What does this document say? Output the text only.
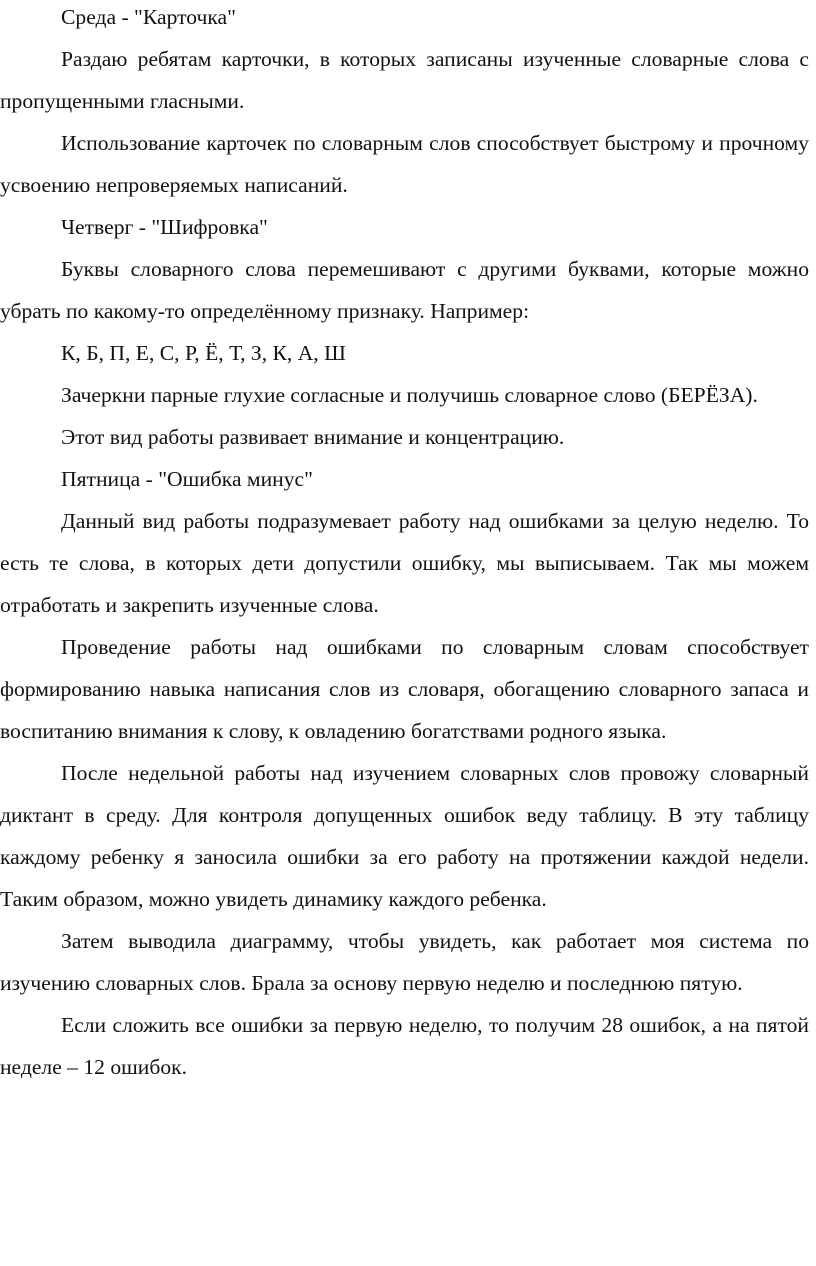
Среда - "Карточка"

Раздаю ребятам карточки, в которых записаны изученные словарные слова с пропущенными гласными.

Использование карточек по словарным слов способствует быстрому и прочному усвоению непроверяемых написаний.

Четверг - "Шифровка"

Буквы словарного слова перемешивают с другими буквами, которые можно убрать по какому-то определённому признаку. Например:

К, Б, П, Е, С, Р, Ё, Т, З, К, А, Ш

Зачеркни парные глухие согласные и получишь словарное слово (БЕРЁЗА).

Этот вид работы развивает внимание и концентрацию.

Пятница - "Ошибка минус"

Данный вид работы подразумевает работу над ошибками за целую неделю. То есть те слова, в которых дети допустили ошибку, мы выписываем. Так мы можем отработать и закрепить изученные слова.

Проведение работы над ошибками по словарным словам способствует формированию навыка написания слов из словаря, обогащению словарного запаса и воспитанию внимания к слову, к овладению богатствами родного языка.

После недельной работы над изучением словарных слов провожу словарный диктант в среду. Для контроля допущенных ошибок веду таблицу. В эту таблицу каждому ребенку я заносила ошибки за его работу на протяжении каждой недели. Таким образом, можно увидеть динамику каждого ребенка.

Затем выводила диаграмму, чтобы увидеть, как работает моя система по изучению словарных слов. Брала за основу первую неделю и последнюю пятую.

Если сложить все ошибки за первую неделю, то получим 28 ошибок, а на пятой неделе – 12 ошибок.
